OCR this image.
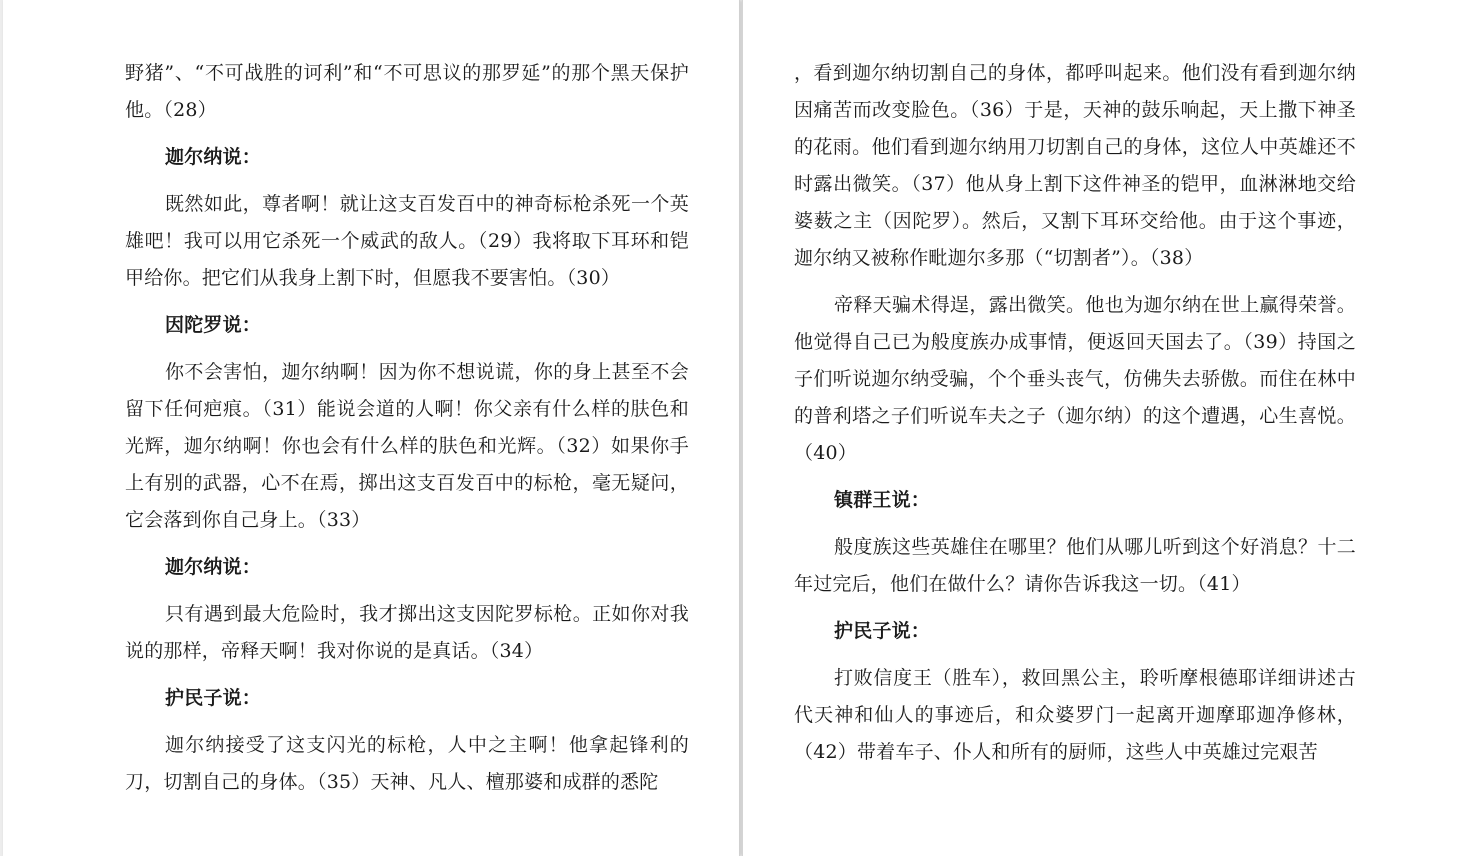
野猪”、“不可战胜的诃利”和“不可思议的那罗延”的那个黑天保护他。（28）

迦尔纳说：

既然如此，尊者啊！就让这支百发百中的神奇标枪杀死一个英雄吧！我可以用它杀死一个威武的敌人。（29）我将取下耳环和铠甲给你。把它们从我身上割下时，但愿我不要害怕。（30）

因陀罗说：

你不会害怕，迦尔纳啊！因为你不想说谎，你的身上甚至不会留下任何疤痕。（31）能说会道的人啊！你父亲有什么样的肤色和光辉，迦尔纳啊！你也会有什么样的肤色和光辉。（32）如果你手上有别的武器，心不在焉，掷出这支百发百中的标枪，毫无疑问，它会落到你自己身上。（33）

迦尔纳说：

只有遇到最大危险时，我才掷出这支因陀罗标枪。正如你对我说的那样，帝释天啊！我对你说的是真话。（34）

护民子说：

迦尔纳接受了这支闪光的标枪，人中之主啊！他拿起锋利的刀，切割自己的身体。（35）天神、凡人、檀那婆和成群的悉陀

，看到迦尔纳切割自己的身体，都呼叫起来。他们没有看到迦尔纳因痛苦而改变脸色。（36）于是，天神的鼓乐响起，天上撒下神圣的花雨。他们看到迦尔纳用刀切割自己的身体，这位人中英雄还不时露出微笑。（37）他从身上割下这件神圣的铠甲，血淋淋地交给婆薮之主（因陀罗）。然后，又割下耳环交给他。由于这个事迹，迦尔纳又被称作毗迦尔多那（“切割者”）。（38）

帝释天骗术得逞，露出微笑。他也为迦尔纳在世上赢得荣誉。他觉得自己已为般度族办成事情，便返回天国去了。（39）持国之子们听说迦尔纳受骗，个个垂头丧气，仿佛失去骄傲。而住在林中的普利塔之子们听说车夫之子（迦尔纳）的这个遭遇，心生喜悦。（40）

镇群王说：

般度族这些英雄住在哪里？他们从哪儿听到这个好消息？十二年过完后，他们在做什么？请你告诉我这一切。（41）

护民子说：

打败信度王（胜车），救回黑公主，聆听摩根德耶详细讲述古代天神和仙人的事迹后，和众婆罗门一起离开迦摩耶迦净修林，（42）带着车子、仆人和所有的厨师，这些人中英雄过完艰苦
